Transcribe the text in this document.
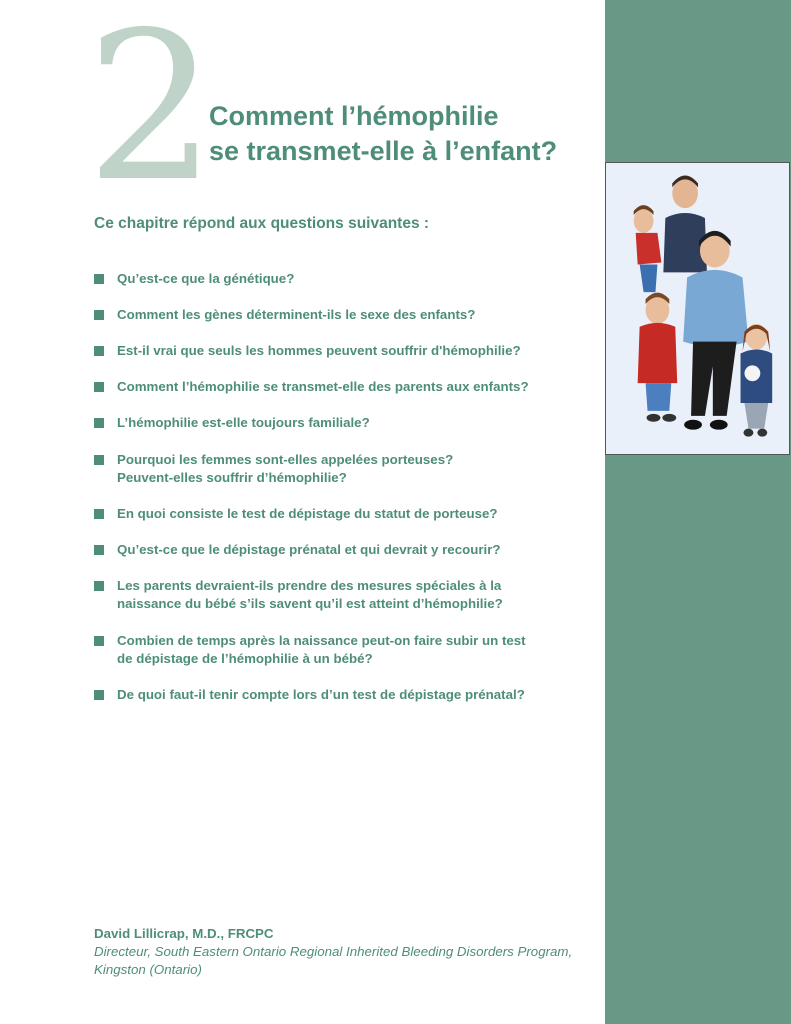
2
Comment l’hémophilie
se transmet-elle à l’enfant?
Ce chapitre répond aux questions suivantes :
Qu’est-ce que la génétique?
Comment les gènes déterminent-ils le sexe des enfants?
Est-il vrai que seuls les hommes peuvent souffrir d'hémophilie?
Comment l’hémophilie se transmet-elle des parents aux enfants?
L’hémophilie est-elle toujours familiale?
Pourquoi les femmes sont-elles appelées porteuses?
Peuvent-elles souffrir d’hémophilie?
En quoi consiste le test de dépistage du statut de porteuse?
Qu’est-ce que le dépistage prénatal et qui devrait y recourir?
Les parents devraient-ils prendre des mesures spéciales à la
naissance du bébé s’ils savent qu’il est atteint d’hémophilie?
Combien de temps après la naissance peut-on faire subir un test
de dépistage de l’hémophilie à un bébé?
De quoi faut-il tenir compte lors d’un test de dépistage prénatal?
David Lillicrap, M.D., FRCPC
Directeur, South Eastern Ontario Regional Inherited Bleeding Disorders Program,
Kingston (Ontario)
